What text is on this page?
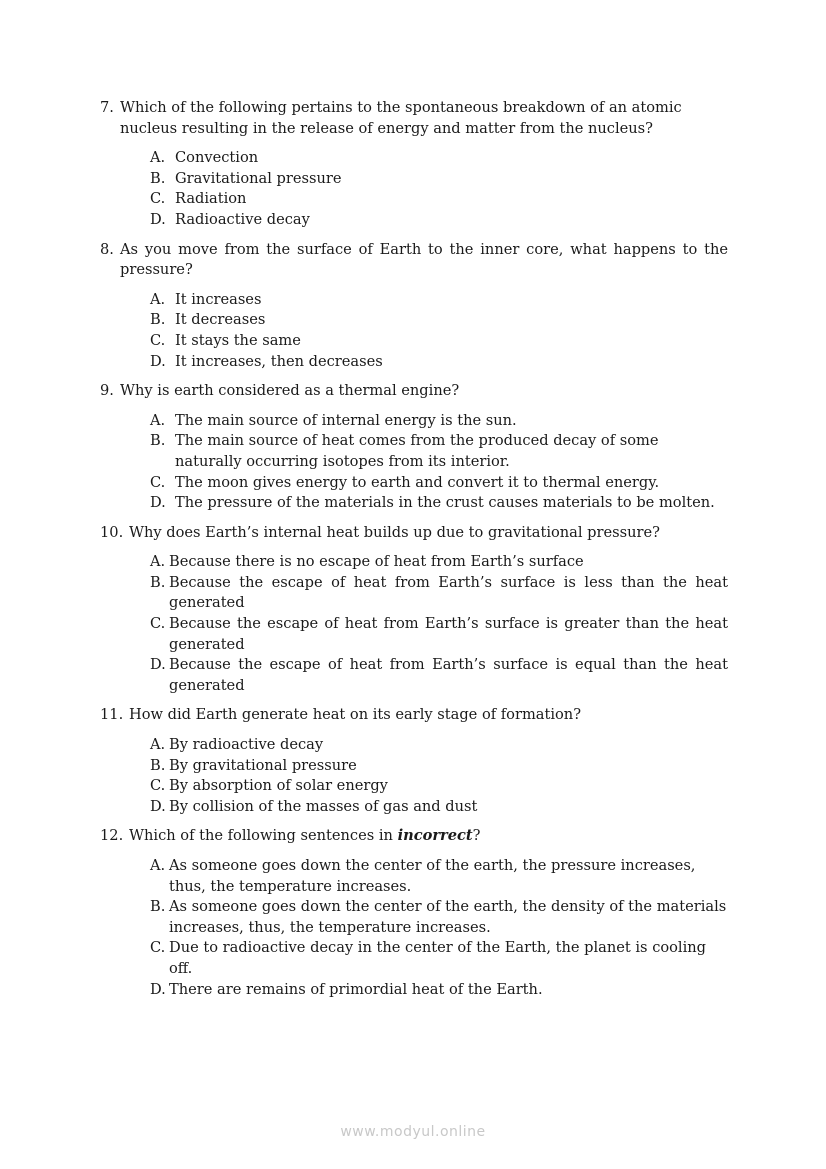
7. Which of the following pertains to the spontaneous breakdown of an atomic nucleus resulting in the release of energy and matter from the nucleus?
A. Convection
B. Gravitational pressure
C. Radiation
D. Radioactive decay
8. As you move from the surface of Earth to the inner core, what happens to the pressure?
A. It increases
B. It decreases
C. It stays the same
D. It increases, then decreases
9. Why is earth considered as a thermal engine?
A. The main source of internal energy is the sun.
B. The main source of heat comes from the produced decay of some naturally occurring isotopes from its interior.
C. The moon gives energy to earth and convert it to thermal energy.
D. The pressure of the materials in the crust causes materials to be molten.
10. Why does Earth’s internal heat builds up due to gravitational pressure?
A. Because there is no escape of heat from Earth’s surface
B. Because the escape of heat from Earth’s surface is less than the heat generated
C. Because the escape of heat from Earth’s surface is greater than the heat generated
D. Because the escape of heat from Earth’s surface is equal than the heat generated
11. How did Earth generate heat on its early stage of formation?
A. By radioactive decay
B. By gravitational pressure
C. By absorption of solar energy
D. By collision of the masses of gas and dust
12. Which of the following sentences in incorrect?
A. As someone goes down the center of the earth, the pressure increases, thus, the temperature increases.
B. As someone goes down the center of the earth, the density of the materials increases, thus, the temperature increases.
C. Due to radioactive decay in the center of the Earth, the planet is cooling off.
D. There are remains of primordial heat of the Earth.
www.modyul.online
